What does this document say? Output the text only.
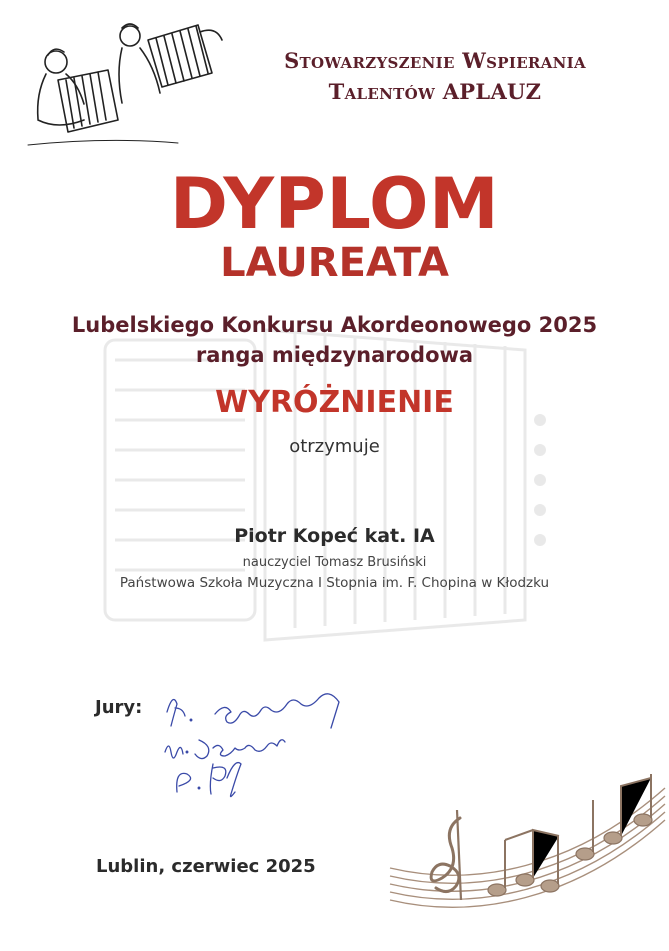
Stowarzyszenie Wspierania
Talentów APLAUZ
DYPLOM
LAUREATA
Lubelskiego Konkursu Akordeonowego 2025
ranga międzynarodowa
WYRÓŻNIENIE
otrzymuje
Piotr Kopeć kat. IA
nauczyciel Tomasz Brusiński
Państwowa Szkoła Muzyczna I Stopnia im. F. Chopina w Kłodzku
Jury:
Lublin, czerwiec 2025
